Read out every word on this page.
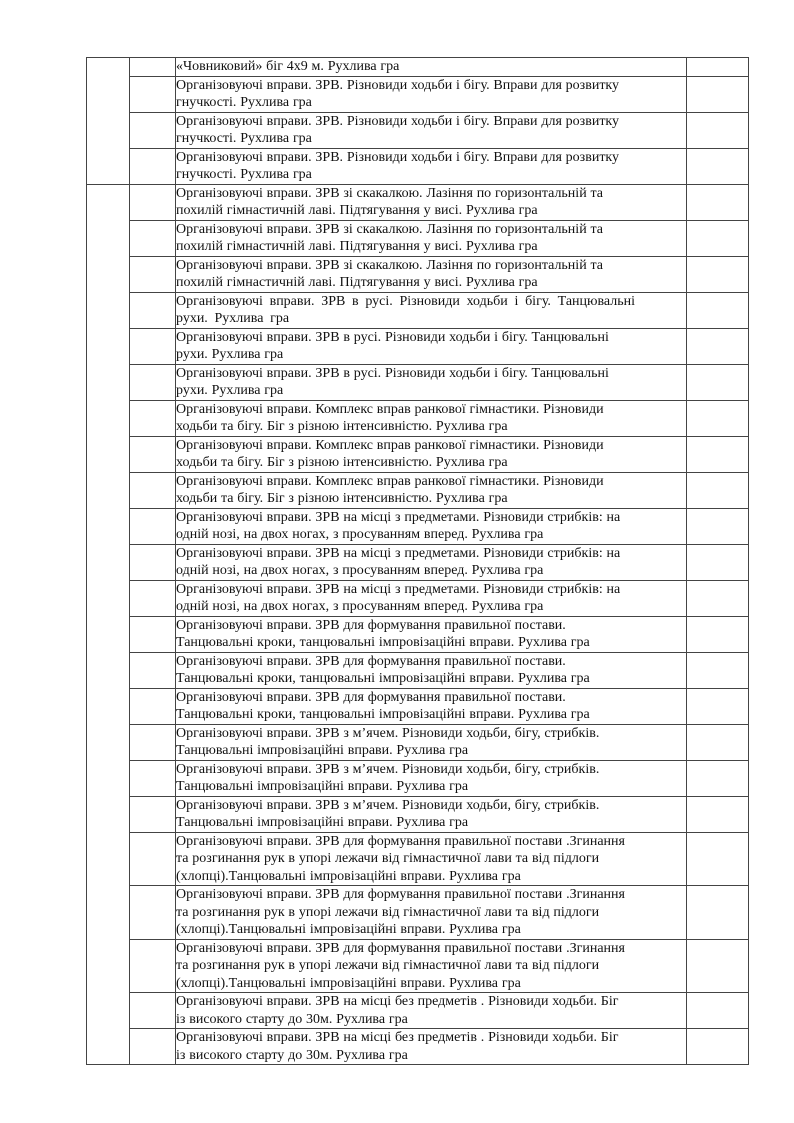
		«Човниковий» біг 4х9 м. Рухлива гра	
		Організовуючі вправи. ЗРВ. Різновиди ходьби і бігу. Вправи для розвитку
гнучкості. Рухлива гра	
		Організовуючі вправи. ЗРВ. Різновиди ходьби і бігу. Вправи для розвитку
гнучкості. Рухлива гра	
		Організовуючі вправи. ЗРВ. Різновиди ходьби і бігу. Вправи для розвитку
гнучкості. Рухлива гра	
		Організовуючі вправи. ЗРВ зі скакалкою. Лазіння по горизонтальній та
похилій гімнастичній лаві. Підтягування у висі. Рухлива гра	
		Організовуючі вправи. ЗРВ зі скакалкою. Лазіння по горизонтальній та
похилій гімнастичній лаві. Підтягування у висі. Рухлива гра	
		Організовуючі вправи. ЗРВ зі скакалкою. Лазіння по горизонтальній та
похилій гімнастичній лаві. Підтягування у висі. Рухлива гра	
		Організовуючі вправи. ЗРВ в русі. Різновиди ходьби і бігу. Танцювальні
рухи. Рухлива гра	
		Організовуючі вправи. ЗРВ в русі. Різновиди ходьби і бігу. Танцювальні
рухи. Рухлива гра	
		Організовуючі вправи. ЗРВ в русі. Різновиди ходьби і бігу. Танцювальні
рухи. Рухлива гра	
		Організовуючі вправи. Комплекс вправ ранкової гімнастики. Різновиди
ходьби та бігу. Біг з різною інтенсивністю. Рухлива гра	
		Організовуючі вправи. Комплекс вправ ранкової гімнастики. Різновиди
ходьби та бігу. Біг з різною інтенсивністю. Рухлива гра	
		Організовуючі вправи. Комплекс вправ ранкової гімнастики. Різновиди
ходьби та бігу. Біг з різною інтенсивністю. Рухлива гра	
		Організовуючі вправи. ЗРВ на місці з предметами. Різновиди стрибків: на
одній нозі, на двох ногах, з просуванням вперед. Рухлива гра	
		Організовуючі вправи. ЗРВ на місці з предметами. Різновиди стрибків: на
одній нозі, на двох ногах, з просуванням вперед. Рухлива гра	
		Організовуючі вправи. ЗРВ на місці з предметами. Різновиди стрибків: на
одній нозі, на двох ногах, з просуванням вперед. Рухлива гра	
		Організовуючі вправи. ЗРВ для формування правильної постави.
Танцювальні кроки, танцювальні імпровізаційні вправи. Рухлива гра	
		Організовуючі вправи. ЗРВ для формування правильної постави.
Танцювальні кроки, танцювальні імпровізаційні вправи. Рухлива гра	
		Організовуючі вправи. ЗРВ для формування правильної постави.
Танцювальні кроки, танцювальні імпровізаційні вправи. Рухлива гра	
		Організовуючі вправи. ЗРВ з м’ячем. Різновиди ходьби, бігу, стрибків.
Танцювальні імпровізаційні вправи. Рухлива гра	
		Організовуючі вправи. ЗРВ з м’ячем. Різновиди ходьби, бігу, стрибків.
Танцювальні імпровізаційні вправи. Рухлива гра	
		Організовуючі вправи. ЗРВ з м’ячем. Різновиди ходьби, бігу, стрибків.
Танцювальні імпровізаційні вправи. Рухлива гра	
		Організовуючі вправи. ЗРВ для формування правильної постави .Згинання
та розгинання рук в упорі лежачи від гімнастичної лави та від підлоги
(хлопці).Танцювальні імпровізаційні вправи. Рухлива гра	
		Організовуючі вправи. ЗРВ для формування правильної постави .Згинання
та розгинання рук в упорі лежачи від гімнастичної лави та від підлоги
(хлопці).Танцювальні імпровізаційні вправи. Рухлива гра	
		Організовуючі вправи. ЗРВ для формування правильної постави .Згинання
та розгинання рук в упорі лежачи від гімнастичної лави та від підлоги
(хлопці).Танцювальні імпровізаційні вправи. Рухлива гра	
		Організовуючі вправи. ЗРВ на місці без предметів . Різновиди ходьби. Біг
із високого старту до 30м. Рухлива гра	
		Організовуючі вправи. ЗРВ на місці без предметів . Різновиди ходьби. Біг
із високого старту до 30м. Рухлива гра	
